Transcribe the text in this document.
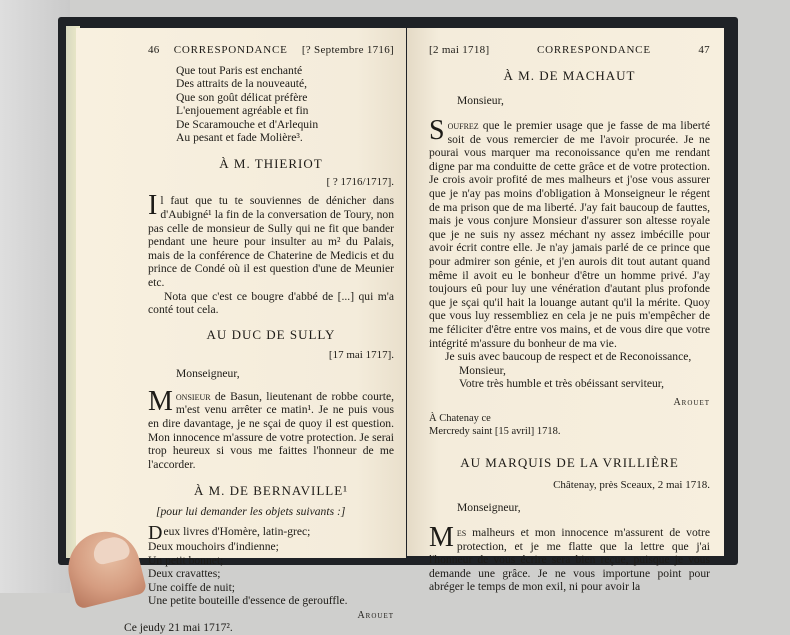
46 CORRESPONDANCE [? Septembre 1716]

Que tout Paris est enchanté

Des attraits de la nouveauté,

Que son goût délicat préfère

L'enjouement agréable et fin

De Scaramouche et d'Arlequin

Au pesant et fade Molière³.

À M. THIERIOT
[ ? 1716/1717].

Il faut que tu te souviennes de dénicher dans d'Aubigné¹ la fin de la conversation de Toury, non pas celle de monsieur de Sully qui ne fit que bander pendant une heure pour insulter au m² du Palais, mais de la conférence de Chaterine de Medicis et du prince de Condé où il est question d'une de Meunier etc.

Nota que c'est ce bougre d'abbé de [...] qui m'a conté tout cela.

AU DUC DE SULLY
[17 mai 1717].
Monseigneur,

Monsieur de Basun, lieutenant de robbe courte, m'est venu arrêter ce matin¹. Je ne puis vous en dire davantage, je ne sçai de quoy il est question. Mon innocence m'assure de votre protection. Je serai trop heureux si vous me faittes l'honneur de me l'accorder.

À M. DE BERNAVILLE¹

[pour lui demander les objets suivants :]

Deux livres d'Homère, latin-grec;

Deux mouchoirs d'indienne;

Un petit bonnet;

Deux cravattes;

Une coiffe de nuit;

Une petite bouteille d'essence de gerouffle.

Arouet

Ce jeudy 21 mai 1717².

[2 mai 1718]	CORRESPONDANCE	47
À M. DE MACHAUT
Monsieur,

Soufrez que le premier usage que je fasse de ma liberté soit de vous remercier de me l'avoir procurée. Je ne pourai vous marquer ma reconoissance qu'en me rendant digne par ma conduitte de cette grâce et de votre protection. Je crois avoir profité de mes malheurs et j'ose vous assurer que je n'ay pas moins d'obligation à Monseigneur le régent de ma prison que de ma liberté. J'ay fait baucoup de fauttes, mais je vous conjure Monsieur d'assurer son altesse royale que je ne suis ny assez méchant ny assez imbécille pour avoir écrit contre elle. Je n'ay jamais parlé de ce prince que pour admirer son génie, et j'en aurois dit tout autant quand même il avoit eu le bonheur d'être un homme privé. J'ay toujours eû pour luy une vénération d'autant plus profonde que je sçai qu'il hait la louange autant qu'il la mérite. Quoy que vous luy ressembliez en cela je ne puis m'empêcher de me féliciter d'être entre vos mains, et de vous dire que votre intégrité m'assure du bonheur de ma vie.

Je suis avec baucoup de respect et de Reconoissance,

Monsieur,

Votre très humble et très obéissant serviteur,

Arouet

À Chatenay ce

Mercredy saint [15 avril] 1718.

AU MARQUIS DE LA VRILLIÈRE
Châtenay, près Sceaux, 2 mai 1718.
Monseigneur,

Mes malheurs et mon innocence m'assurent de votre protection, et je me flatte que la lettre que j'ai l'honneur de vous écrire sera bien reçue, puisque je vous demande une grâce. Je ne vous importune point pour abréger le temps de mon exil, ni pour avoir la
